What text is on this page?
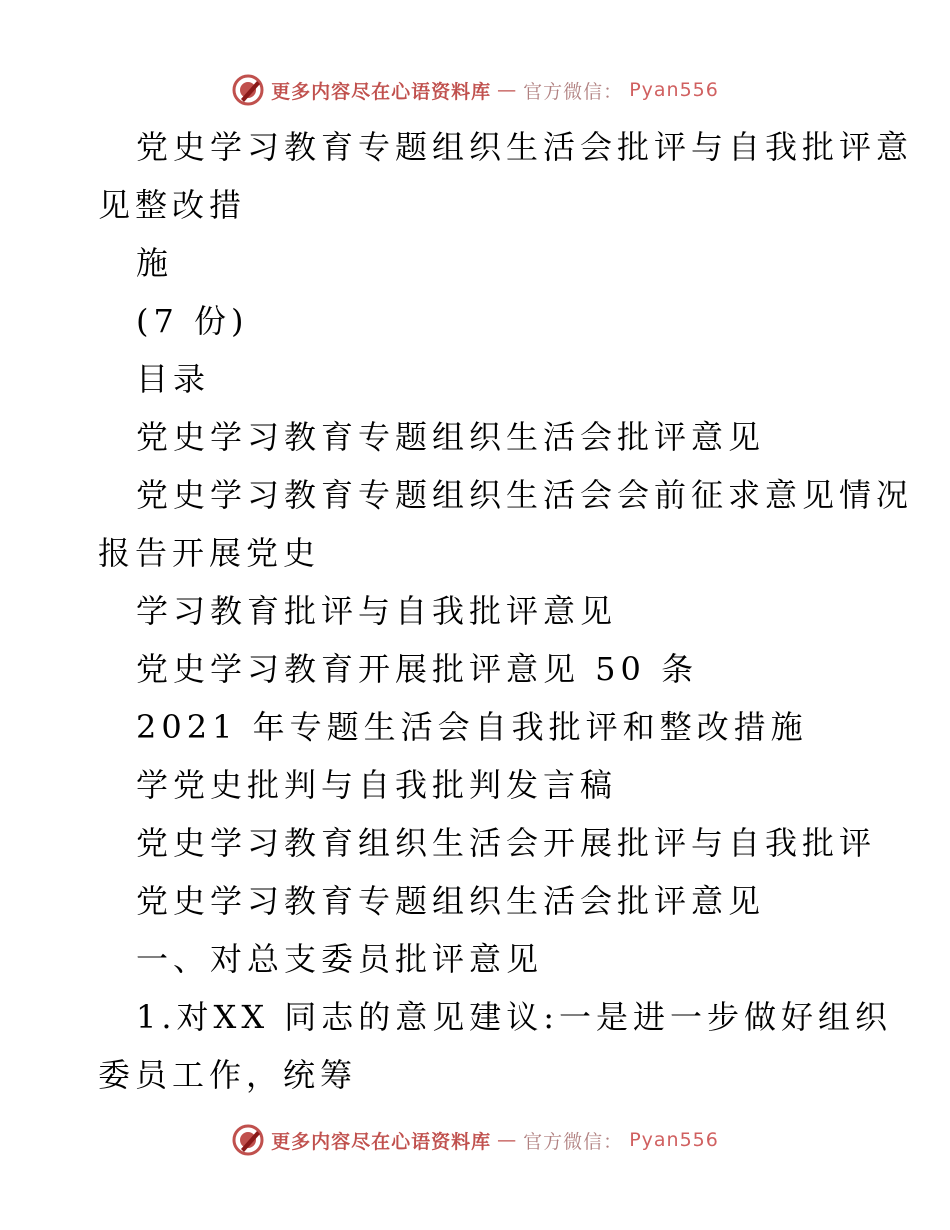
更多内容尽在心语资料库 — 官方微信： Pyan556
党史学习教育专题组织生活会批评与自我批评意
见整改措
施
(7 份)
目录
党史学习教育专题组织生活会批评意见
党史学习教育专题组织生活会会前征求意见情况
报告开展党史
学习教育批评与自我批评意见
党史学习教育开展批评意见 50 条
2021 年专题生活会自我批评和整改措施
学党史批判与自我批判发言稿
党史学习教育组织生活会开展批评与自我批评
党史学习教育专题组织生活会批评意见
一、对总支委员批评意见
1.对XX 同志的意见建议:一是进一步做好组织
委员工作，统筹
更多内容尽在心语资料库 — 官方微信： Pyan556
